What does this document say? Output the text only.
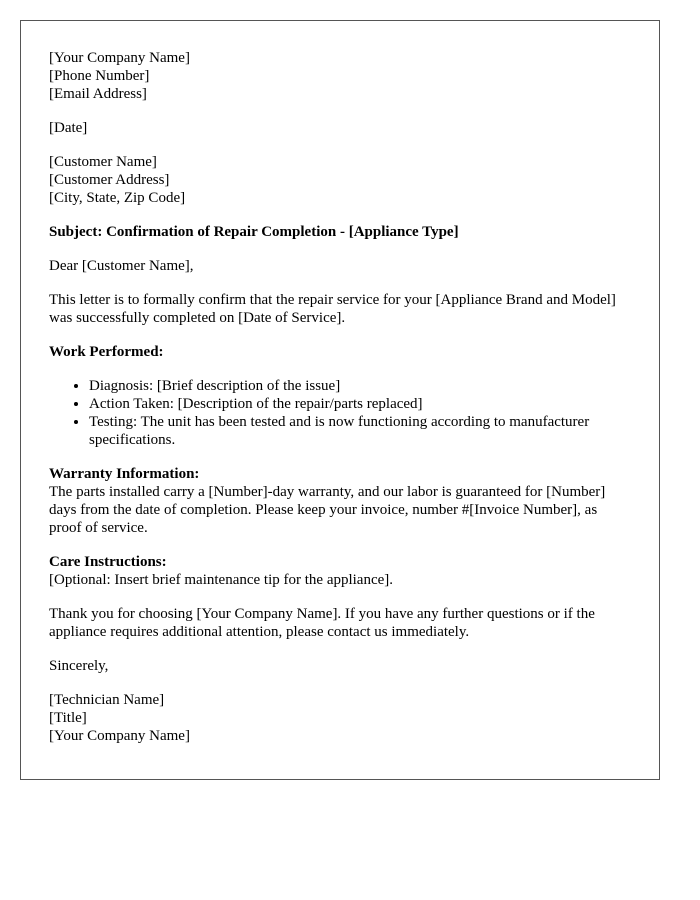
[Your Company Name]
[Phone Number]
[Email Address]
[Date]
[Customer Name]
[Customer Address]
[City, State, Zip Code]

Subject: Confirmation of Repair Completion - [Appliance Type]

Dear [Customer Name],

This letter is to formally confirm that the repair service for your [Appliance Brand and Model] was successfully completed on [Date of Service].

Work Performed:

• Diagnosis: [Brief description of the issue]
• Action Taken: [Description of the repair/parts replaced]
• Testing: The unit has been tested and is now functioning according to manufacturer specifications.
Warranty Information:
The parts installed carry a [Number]-day warranty, and our labor is guaranteed for [Number] days from the date of completion. Please keep your invoice, number #[Invoice Number], as proof of service.
Care Instructions:
[Optional: Insert brief maintenance tip for the appliance].

Thank you for choosing [Your Company Name]. If you have any further questions or if the appliance requires additional attention, please contact us immediately.

Sincerely,

[Technician Name]
[Title]
[Your Company Name]
